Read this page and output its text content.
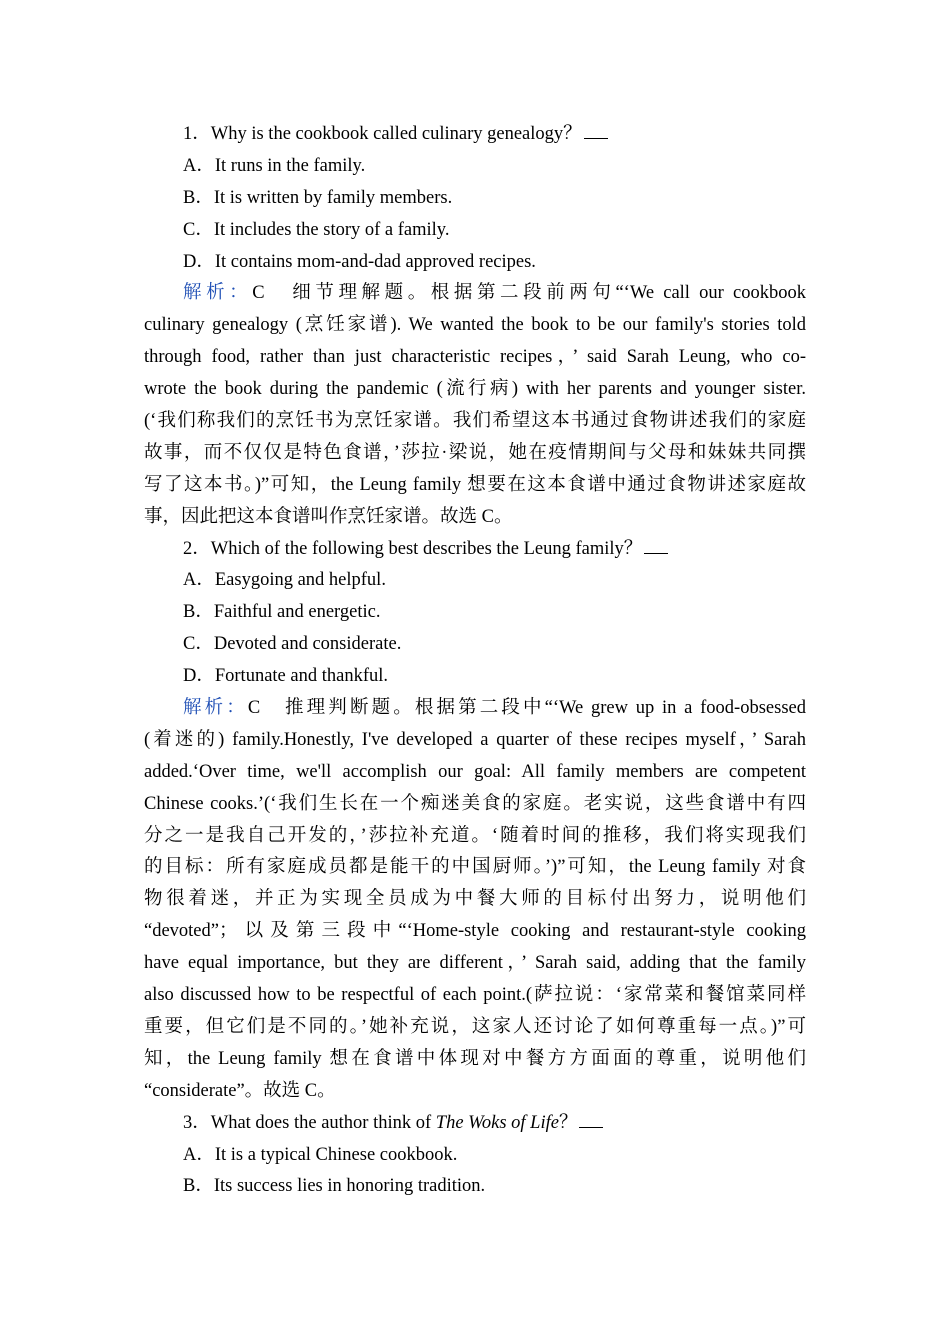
1．Why is the cookbook called culinary genealogy？
A．It runs in the family.
B．It is written by family members.
C．It includes the story of a family.
D．It contains mom-and-dad approved recipes.
解析：C　细节理解题。根据第二段前两句“‘We call our cookbook
culinary genealogy (烹饪家谱). We wanted the book to be our family's stories told
through food, rather than just characteristic recipes，’ said Sarah Leung, who co-
wrote the book during the pandemic (流行病) with her parents and younger sister.
(‘我们称我们的烹饪书为烹饪家谱。我们希望这本书通过食物讲述我们的家庭
故事，而不仅仅是特色食谱，’莎拉·梁说，她在疫情期间与父母和妹妹共同撰
写了这本书。)”可知，the Leung family 想要在这本食谱中通过食物讲述家庭故
事，因此把这本食谱叫作烹饪家谱。故选 C。
2．Which of the following best describes the Leung family？
A．Easygoing and helpful.
B．Faithful and energetic.
C．Devoted and considerate.
D．Fortunate and thankful.
解析：C　推理判断题。根据第二段中“‘We grew up in a food-obsessed
(着迷的) family.Honestly, I've developed a quarter of these recipes myself，’ Sarah
added.‘Over time, we'll accomplish our goal: All family members are competent
Chinese cooks.’(‘我们生长在一个痴迷美食的家庭。老实说，这些食谱中有四
分之一是我自己开发的，’莎拉补充道。‘随着时间的推移，我们将实现我们
的目标：所有家庭成员都是能干的中国厨师。’)”可知，the Leung family 对食
物很着迷，并正为实现全员成为中餐大师的目标付出努力，说明他们
“devoted”；以及第三段中“‘Home-style cooking and restaurant-style cooking
have equal importance, but they are different，’ Sarah said, adding that the family
also discussed how to be respectful of each point.(萨拉说：‘家常菜和餐馆菜同样
重要，但它们是不同的。’她补充说，这家人还讨论了如何尊重每一点。)”可
知，the Leung family 想在食谱中体现对中餐方方面面的尊重，说明他们
“considerate”。故选 C。
3．What does the author think of The Woks of Life？
A．It is a typical Chinese cookbook.
B．Its success lies in honoring tradition.
